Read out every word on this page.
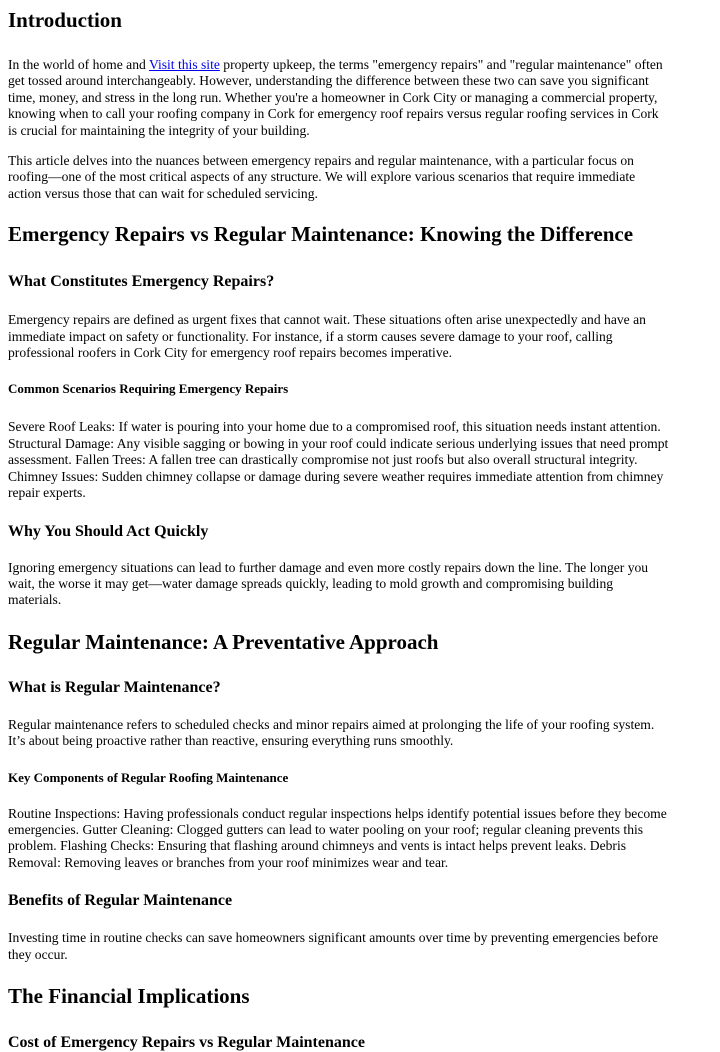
Introduction

In the world of home and Visit this site property upkeep, the terms "emergency repairs" and "regular maintenance" often
get tossed around interchangeably. However, understanding the difference between these two can save you significant
time, money, and stress in the long run. Whether you're a homeowner in Cork City or managing a commercial property,
knowing when to call your roofing company in Cork for emergency roof repairs versus regular roofing services in Cork
is crucial for maintaining the integrity of your building.

This article delves into the nuances between emergency repairs and regular maintenance, with a particular focus on
roofing—one of the most critical aspects of any structure. We will explore various scenarios that require immediate
action versus those that can wait for scheduled servicing.

Emergency Repairs vs Regular Maintenance: Knowing the Difference
What Constitutes Emergency Repairs?

Emergency repairs are defined as urgent fixes that cannot wait. These situations often arise unexpectedly and have an
immediate impact on safety or functionality. For instance, if a storm causes severe damage to your roof, calling
professional roofers in Cork City for emergency roof repairs becomes imperative.

Common Scenarios Requiring Emergency Repairs

Severe Roof Leaks: If water is pouring into your home due to a compromised roof, this situation needs instant attention.
Structural Damage: Any visible sagging or bowing in your roof could indicate serious underlying issues that need prompt
assessment. Fallen Trees: A fallen tree can drastically compromise not just roofs but also overall structural integrity.
Chimney Issues: Sudden chimney collapse or damage during severe weather requires immediate attention from chimney
repair experts.

Why You Should Act Quickly

Ignoring emergency situations can lead to further damage and even more costly repairs down the line. The longer you
wait, the worse it may get—water damage spreads quickly, leading to mold growth and compromising building
materials.

Regular Maintenance: A Preventative Approach
What is Regular Maintenance?

Regular maintenance refers to scheduled checks and minor repairs aimed at prolonging the life of your roofing system.
It’s about being proactive rather than reactive, ensuring everything runs smoothly.

Key Components of Regular Roofing Maintenance

Routine Inspections: Having professionals conduct regular inspections helps identify potential issues before they become
emergencies. Gutter Cleaning: Clogged gutters can lead to water pooling on your roof; regular cleaning prevents this
problem. Flashing Checks: Ensuring that flashing around chimneys and vents is intact helps prevent leaks. Debris
Removal: Removing leaves or branches from your roof minimizes wear and tear.

Benefits of Regular Maintenance

Investing time in routine checks can save homeowners significant amounts over time by preventing emergencies before
they occur.

The Financial Implications
Cost of Emergency Repairs vs Regular Maintenance
